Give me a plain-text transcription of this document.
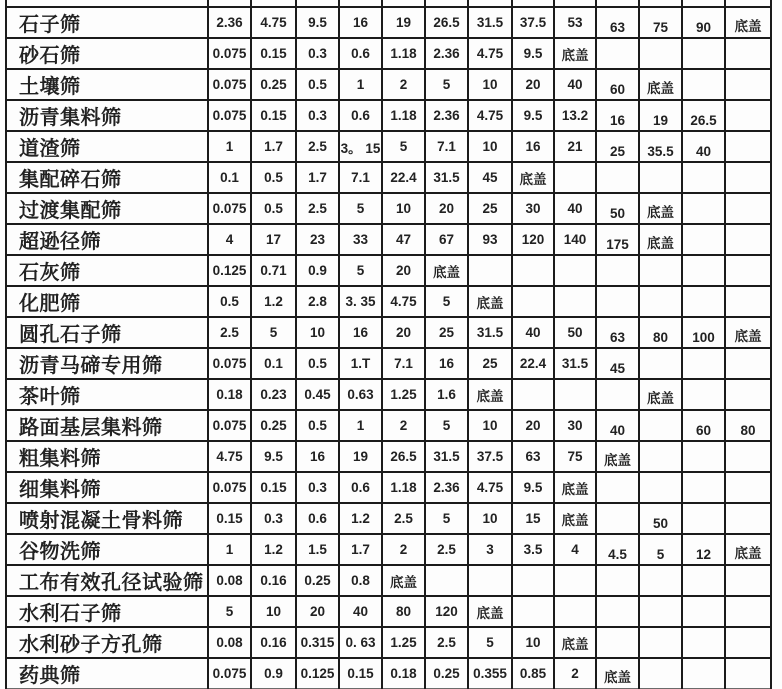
石子筛	2.36	4.75	9.5	16	19	26.5	31.5	37.5	53	63	75	90	底盖
砂石筛	0.075	0.15	0.3	0.6	1.18	2.36	4.75	9.5	底盖				
土壤筛	0.075	0.25	0.5	1	2	5	10	20	40	60	底盖		
沥青集料筛	0.075	0.15	0.3	0.6	1.18	2.36	4.75	9.5	13.2	16	19	26.5	
道渣筛	1	1.7	2.5	3。 15	5	7.1	10	16	21	25	35.5	40	
集配碎石筛	0.1	0.5	1.7	7.1	22.4	31.5	45	底盖					
过渡集配筛	0.075	0.5	2.5	5	10	20	25	30	40	50	底盖		
超逊径筛	4	17	23	33	47	67	93	120	140	175	底盖		
石灰筛	0.125	0.71	0.9	5	20	底盖							
化肥筛	0.5	1.2	2.8	3. 35	4.75	5	底盖						
圆孔石子筛	2.5	5	10	16	20	25	31.5	40	50	63	80	100	底盖
沥青马碲专用筛	0.075	0.1	0.5	1.T	7.1	16	25	22.4	31.5	45			
茶叶筛	0.18	0.23	0.45	0.63	1.25	1.6	底盖				底盖		
路面基层集料筛	0.075	0.25	0.5	1	2	5	10	20	30	40		60	80
粗集料筛	4.75	9.5	16	19	26.5	31.5	37.5	63	75	底盖			
细集料筛	0.075	0.15	0.3	0.6	1.18	2.36	4.75	9.5	底盖				
喷射混凝土骨料筛	0.15	0.3	0.6	1.2	2.5	5	10	15	底盖		50		
谷物洗筛	1	1.2	1.5	1.7	2	2.5	3	3.5	4	4.5	5	12	底盖
工布有效孔径试验筛	0.08	0.16	0.25	0.8	底盖								
水利石子筛	5	10	20	40	80	120	底盖						
水利砂子方孔筛	0.08	0.16	0.315	0. 63	1.25	2.5	5	10	底盖				
药典筛	0.075	0.9	0.125	0.15	0.18	0.25	0.355	0.85	2	底盖			
